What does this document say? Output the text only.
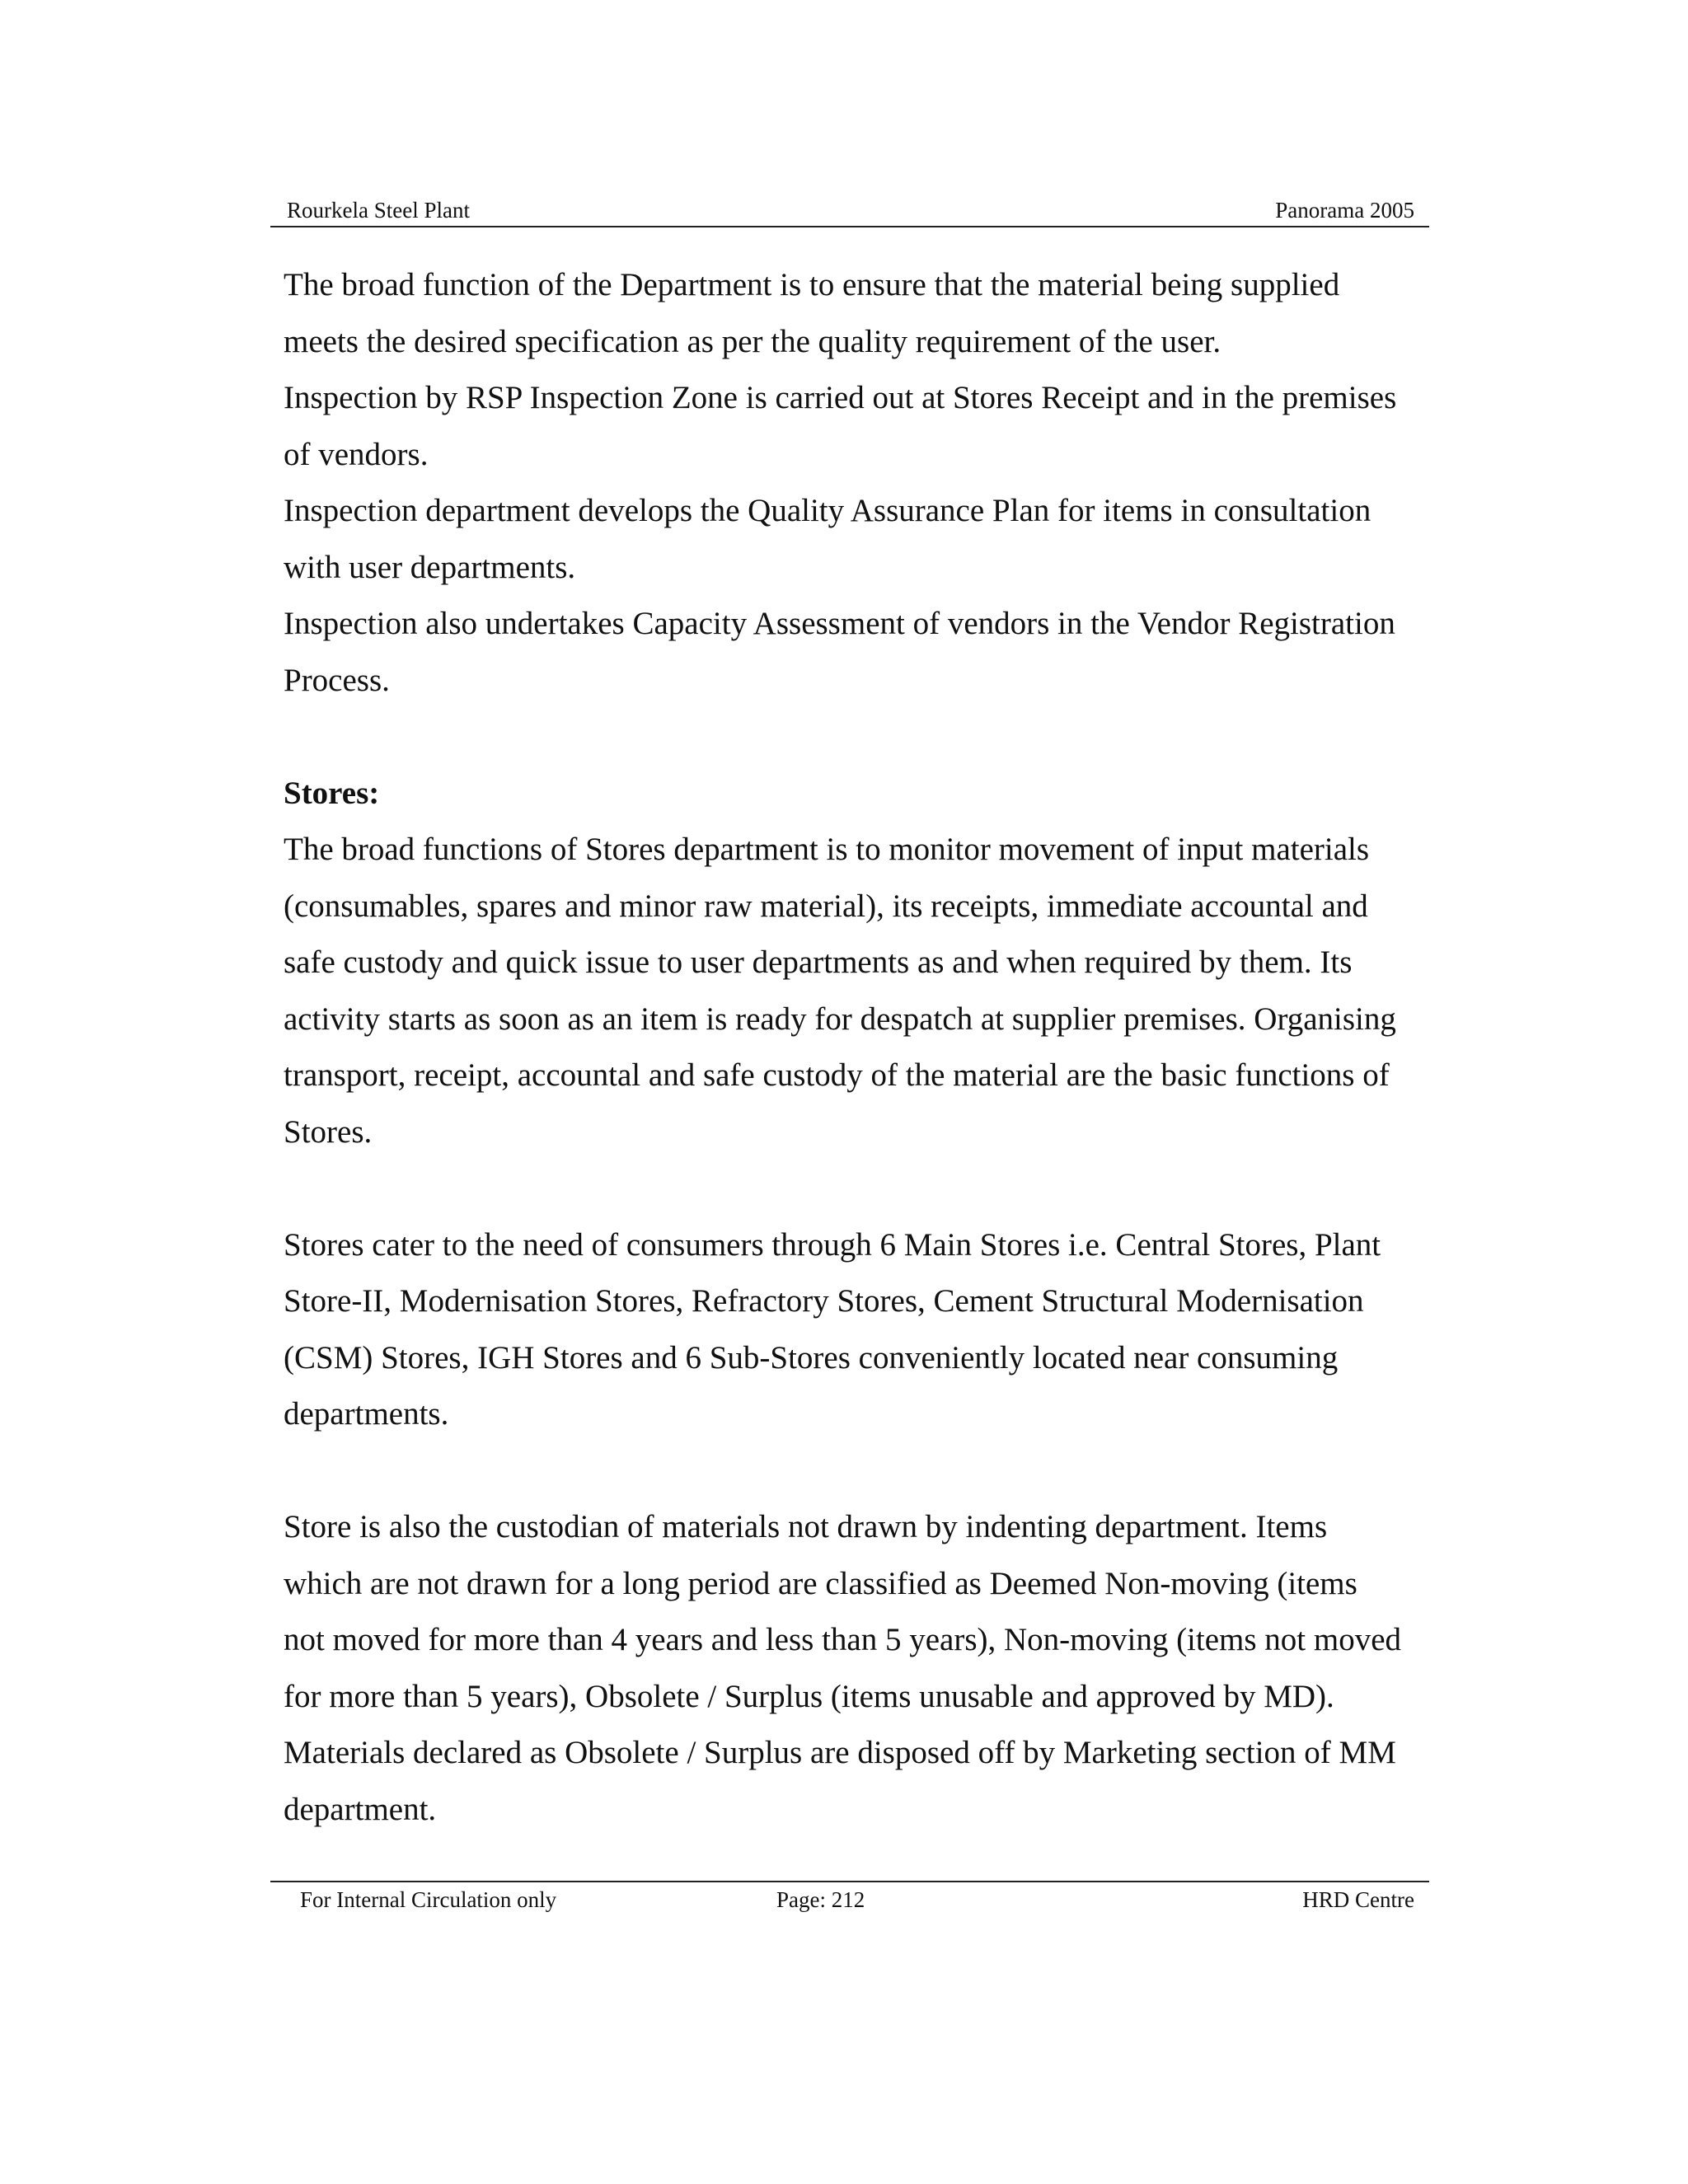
Rourkela Steel Plant	Panorama 2005

The broad function of the Department is to ensure that the material being supplied

meets the desired specification as per the quality requirement of the user.

Inspection by RSP Inspection Zone is carried out at Stores Receipt and in the premises

of vendors.

Inspection department develops the Quality Assurance Plan for items in consultation

with user departments.

Inspection also undertakes Capacity Assessment of vendors in the Vendor Registration

Process.

Stores:

The broad functions of Stores department is to monitor movement of input materials

(consumables, spares and minor raw material), its receipts, immediate accountal and

safe custody and quick issue to user departments as and when required by them. Its

activity starts as soon as an item is ready for despatch at supplier premises. Organising

transport, receipt, accountal and safe custody of the material are the basic functions of

Stores.

Stores cater to the need of consumers through 6 Main Stores i.e. Central Stores, Plant

Store-II, Modernisation Stores, Refractory Stores, Cement Structural Modernisation

(CSM) Stores, IGH Stores and 6 Sub-Stores conveniently located near consuming

departments.

Store is also the custodian of materials not drawn by indenting department. Items

which are not drawn for a long period are classified as Deemed Non-moving (items

not moved for more than 4 years and less than 5 years), Non-moving (items not moved

for more than 5 years), Obsolete / Surplus (items unusable and approved by MD).

Materials declared as Obsolete / Surplus are disposed off by Marketing section of MM

department.

For Internal Circulation only	Page: 212	HRD Centre
